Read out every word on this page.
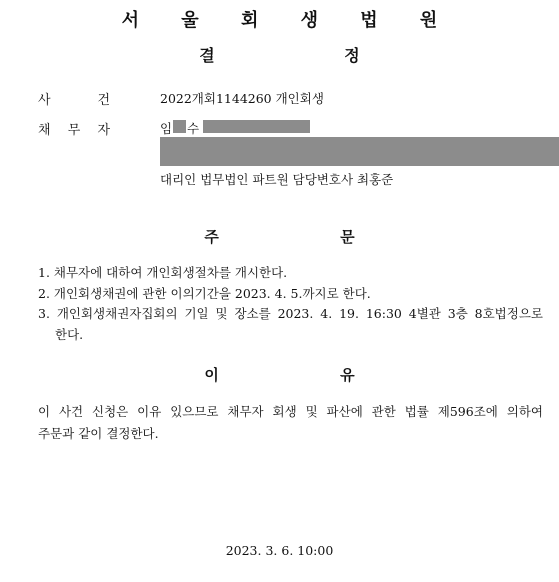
서 울 회 생 법 원
결 정
사	건	2022개회1144260 개인회생
채 무 자	임 수
대리인 법무법인 파트원 담당변호사 최홍준
주 문
1. 채무자에 대하여 개인회생절차를 개시한다.
2. 개인회생채권에 관한 이의기간을 2023. 4. 5.까지로 한다.
3. 개인회생채권자집회의 기일 및 장소를 2023. 4. 19. 16:30 4별관 3층 8호법정으로
한다.
이 유
이 사건 신청은 이유 있으므로 채무자 회생 및 파산에 관한 법률 제596조에 의하여
주문과 같이 결정한다.
2023. 3. 6. 10:00
